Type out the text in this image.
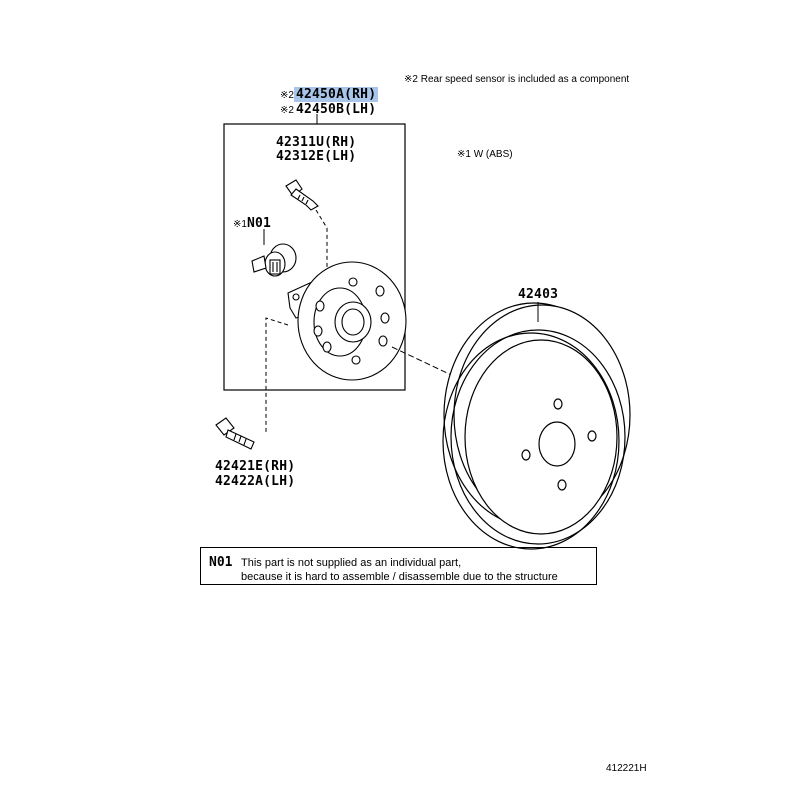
※2 Rear speed sensor is included as a component
※2 42450A(RH)
※2 42450B(LH)
42311U(RH)
42312E(LH)	※1 W (ABS)
※1N01
42403
42421E(RH)
42422A(LH)
N01 This part is not supplied as an individual part,
because it is hard to assemble / disassemble due to the structure
412221H
